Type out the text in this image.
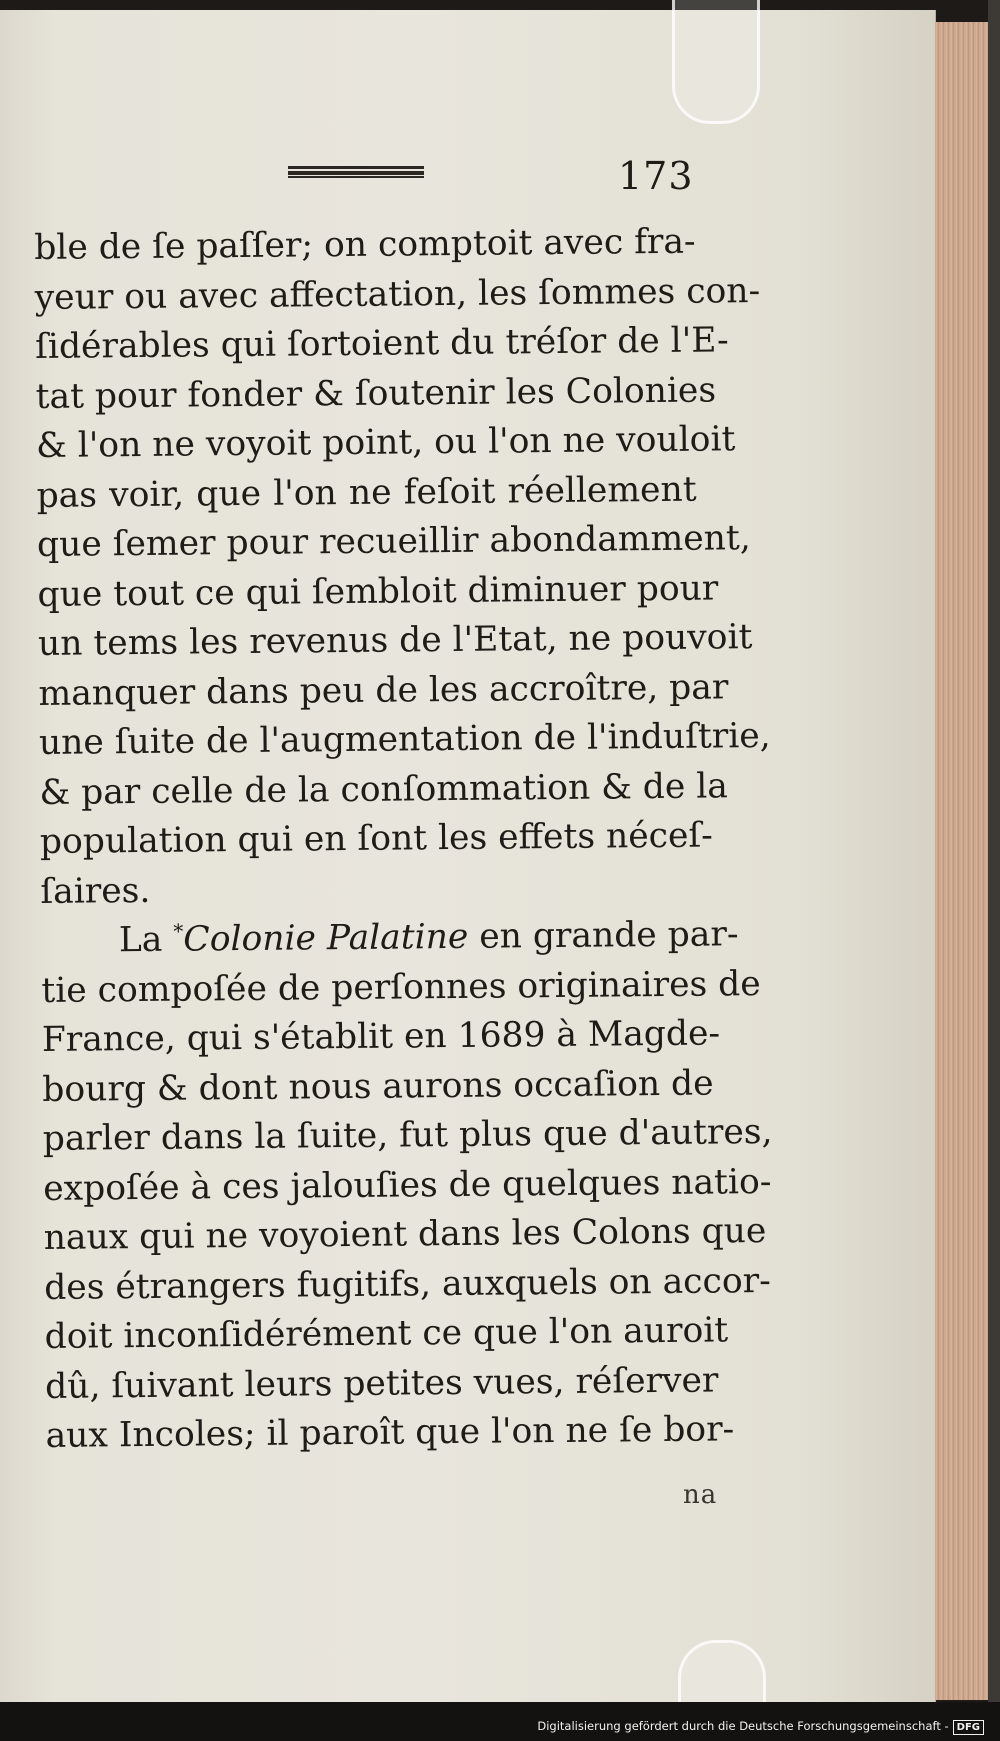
173
ble de ſe paſſer; on comptoit avec fra-
yeur ou avec affectation, les ſommes con-
ſidérables qui ſortoient du tréſor de l'E-
tat pour fonder & ſoutenir les Colonies
& l'on ne voyoit point, ou l'on ne vouloit
pas voir, que l'on ne feſoit réellement
que ſemer pour recueillir abondamment,
que tout ce qui ſembloit diminuer pour
un tems les revenus de l'Etat, ne pouvoit
manquer dans peu de les accroître, par
une ſuite de l'augmentation de l'induſtrie,
& par celle de la conſommation & de la
population qui en ſont les effets néceſ-
ſaires.
La *Colonie Palatine en grande par-
tie compoſée de perſonnes originaires de
France, qui s'établit en 1689 à Magde-
bourg & dont nous aurons occaſion de
parler dans la ſuite, fut plus que d'autres,
expoſée à ces jalouſies de quelques natio-
naux qui ne voyoient dans les Colons que
des étrangers fugitifs, auxquels on accor-
doit inconſidérément ce que l'on auroit
dû, ſuivant leurs petites vues, réſerver
aux Incoles; il paroît que l'on ne ſe bor-
na
Digitalisierung gefördert durch die Deutsche Forschungsgemeinschaft - DFG
